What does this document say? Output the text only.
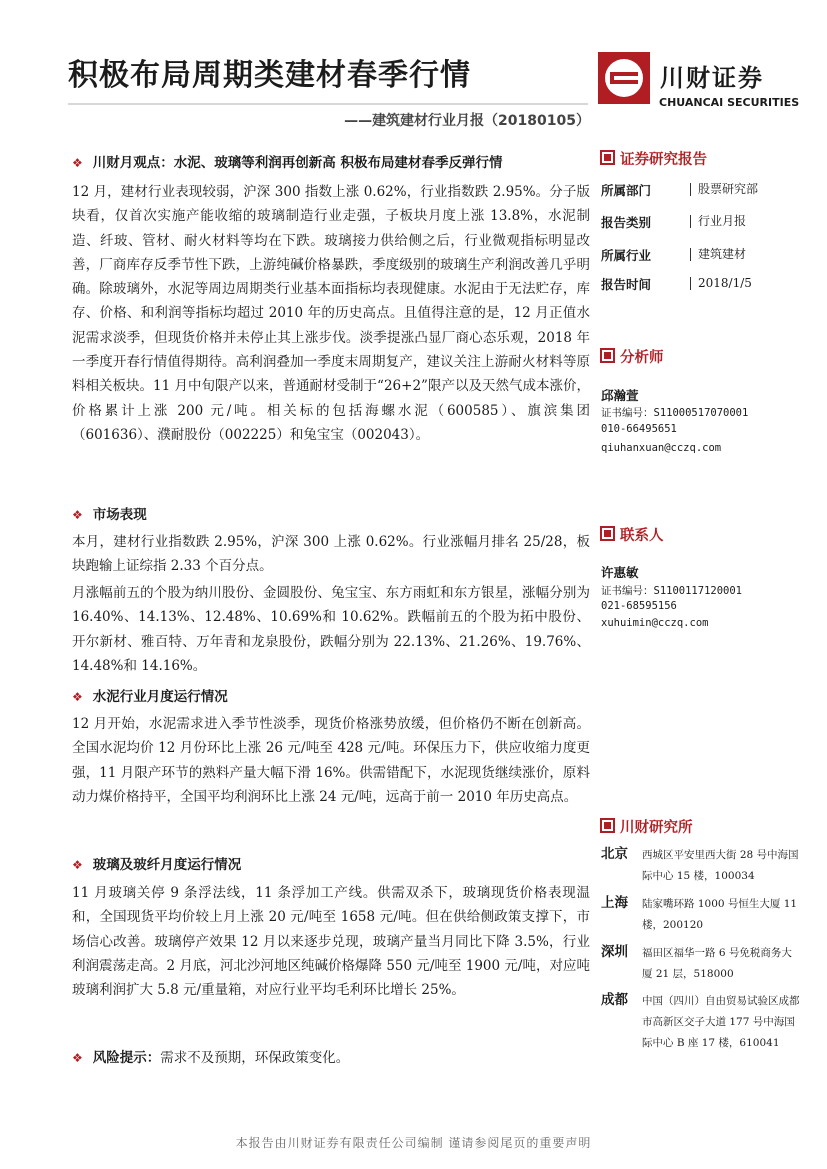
积极布局周期类建材春季行情
——建筑建材行业月报（20180105）
川财证券
CHUANCAI SECURITIES
❖ 川财月观点：水泥、玻璃等利润再创新高 积极布局建材春季反弹行情
12 月，建材行业表现较弱，沪深 300 指数上涨 0.62%，行业指数跌 2.95%。分子版块看，仅首次实施产能收缩的玻璃制造行业走强，子板块月度上涨 13.8%，水泥制造、纤玻、管材、耐火材料等均在下跌。玻璃接力供给侧之后，行业微观指标明显改善，厂商库存反季节性下跌，上游纯碱价格暴跌，季度级别的玻璃生产利润改善几乎明确。除玻璃外，水泥等周边周期类行业基本面指标均表现健康。水泥由于无法贮存，库存、价格、和利润等指标均超过 2010 年的历史高点。且值得注意的是，12 月正值水泥需求淡季，但现货价格并未停止其上涨步伐。淡季提涨凸显厂商心态乐观，2018 年一季度开春行情值得期待。高利润叠加一季度末周期复产，建议关注上游耐火材料等原料相关板块。11 月中旬限产以来，普通耐材受制于“26+2”限产以及天然气成本涨价，价格累计上涨 200 元/吨。相关标的包括海螺水泥（600585）、旗滨集团（601636）、濮耐股份（002225）和兔宝宝（002043）。
❖ 市场表现
本月，建材行业指数跌 2.95%，沪深 300 上涨 0.62%。行业涨幅月排名 25/28，板块跑输上证综指 2.33 个百分点。
月涨幅前五的个股为纳川股份、金圆股份、兔宝宝、东方雨虹和东方银星，涨幅分别为 16.40%、14.13%、12.48%、10.69%和 10.62%。跌幅前五的个股为拓中股份、开尔新材、雅百特、万年青和龙泉股份，跌幅分别为 22.13%、21.26%、19.76%、14.48%和 14.16%。
❖ 水泥行业月度运行情况
12 月开始，水泥需求进入季节性淡季，现货价格涨势放缓，但价格仍不断在创新高。全国水泥均价 12 月份环比上涨 26 元/吨至 428 元/吨。环保压力下，供应收缩力度更强，11 月限产环节的熟料产量大幅下滑 16%。供需错配下，水泥现货继续涨价，原料动力煤价格持平，全国平均利润环比上涨 24 元/吨，远高于前一 2010 年历史高点。
❖ 玻璃及玻纤月度运行情况
11 月玻璃关停 9 条浮法线，11 条浮加工产线。供需双杀下，玻璃现货价格表现温和，全国现货平均价较上月上涨 20 元/吨至 1658 元/吨。但在供给侧政策支撑下，市场信心改善。玻璃停产效果 12 月以来逐步兑现，玻璃产量当月同比下降 3.5%，行业利润震荡走高。2 月底，河北沙河地区纯碱价格爆降 550 元/吨至 1900 元/吨，对应吨玻璃利润扩大 5.8 元/重量箱，对应行业平均毛利环比增长 25%。
❖ 风险提示：需求不及预期，环保政策变化。
证券研究报告
所属部门	股票研究部
报告类别	行业月报
所属行业	建筑建材
报告时间	2018/1/5
分析师
邱瀚萱
证书编号：S1100051707000​1
010-66495651
qiuhanxuan@cczq.com
联系人
许惠敏
证书编号：S1100117120001
021-68595156
xuhuimin@cczq.com
川财研究所
北京 西城区平安里西大街 28 号中海国际中心 15 楼，100034
上海 陆家嘴环路 1000 号恒生大厦 11 楼，200120
深圳 福田区福华一路 6 号免税商务大厦 21 层，518000
成都 中国（四川）自由贸易试验区成都市高新区交子大道 177 号中海国际中心 B 座 17 楼，610041
本报告由川财证券有限责任公司编制 谨请参阅尾页的重要声明
